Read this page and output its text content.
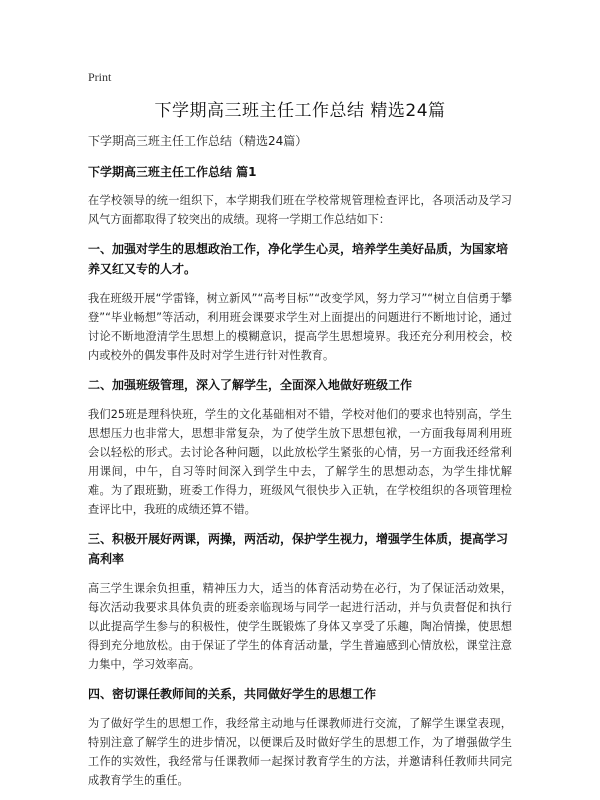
Print
下学期高三班主任工作总结 精选24篇
下学期高三班主任工作总结（精选24篇）
下学期高三班主任工作总结 篇1

在学校领导的统一组织下，本学期我们班在学校常规管理检查评比，各项活动及学习风气方面都取得了较突出的成绩。现将一学期工作总结如下：

一、加强对学生的思想政治工作，净化学生心灵，培养学生美好品质，为国家培养又红又专的人才。

我在班级开展“学雷锋，树立新风”“高考目标”“改变学风，努力学习”“树立自信勇于攀登”“毕业畅想”等活动，利用班会课要求学生对上面提出的问题进行不断地讨论，通过讨论不断地澄清学生思想上的模糊意识，提高学生思想境界。我还充分利用校会，校内或校外的偶发事件及时对学生进行针对性教育。

二、加强班级管理，深入了解学生，全面深入地做好班级工作

我们25班是理科快班，学生的文化基础相对不错，学校对他们的要求也特别高，学生思想压力也非常大，思想非常复杂，为了使学生放下思想包袱，一方面我每周利用班会以轻松的形式。去讨论各种问题，以此放松学生紧张的心情，另一方面我还经常利用课间，中午，自习等时间深入到学生中去，了解学生的思想动态，为学生排忧解难。为了跟班勤，班委工作得力，班级风气很快步入正轨，在学校组织的各项管理检查评比中，我班的成绩还算不错。

三、积极开展好两课，两操，两活动，保护学生视力，增强学生体质，提高学习高利率

高三学生课余负担重，精神压力大，适当的体育活动势在必行，为了保证活动效果，每次活动我要求具体负责的班委亲临现场与同学一起进行活动，并与负责督促和执行以此提高学生参与的积极性，使学生既锻炼了身体又享受了乐趣，陶冶情操，使思想得到充分地放松。由于保证了学生的体育活动量，学生普遍感到心情放松，课堂注意力集中，学习效率高。

四、密切课任教师间的关系，共同做好学生的思想工作

为了做好学生的思想工作，我经常主动地与任课教师进行交流，了解学生课堂表现，特别注意了解学生的进步情况，以便课后及时做好学生的思想工作，为了增强做学生工作的实效性，我经常与任课教师一起探讨教育学生的方法，并邀请科任教师共同完成教育学生的重任。
